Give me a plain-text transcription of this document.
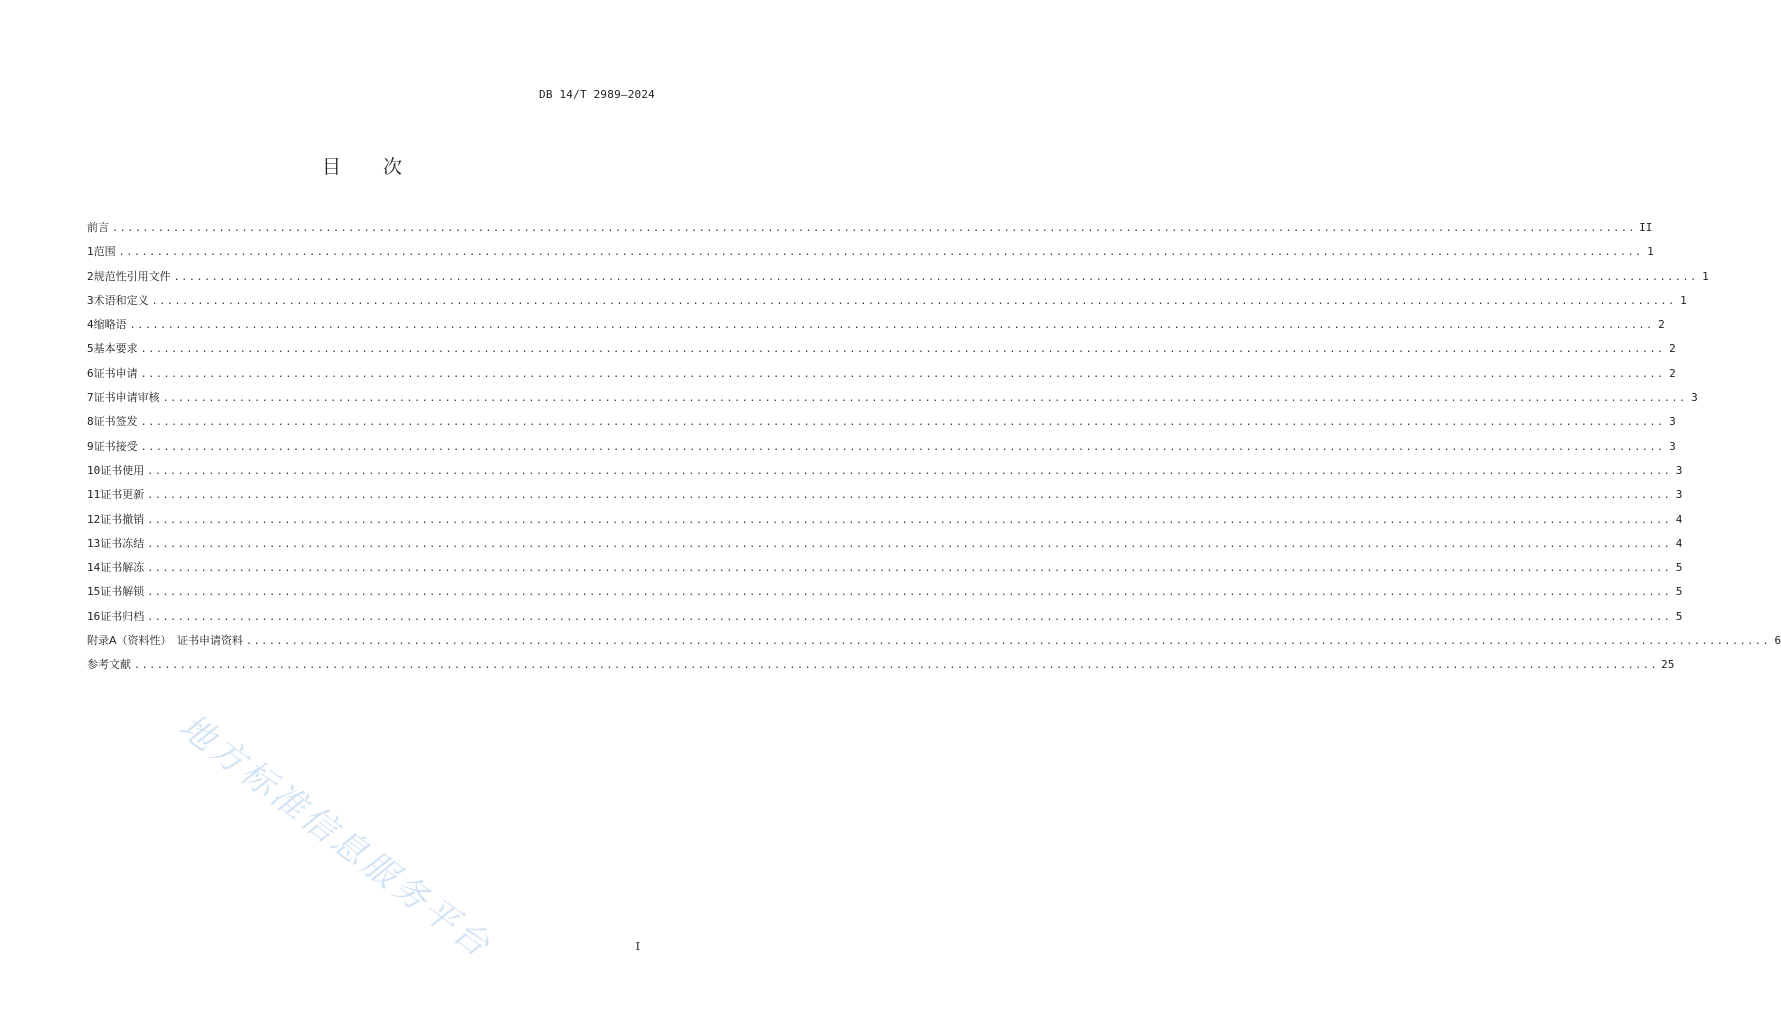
DB 14/T 2989—2024
目 次
前言 ........................................................................................................................................................................................................ II
1 范围 ........................................................................................................................................................................................................ 1
2 规范性引用文件 ........................................................................................................................................................................................................ 1
3 术语和定义 ........................................................................................................................................................................................................ 1
4 缩略语 ........................................................................................................................................................................................................ 2
5 基本要求 ........................................................................................................................................................................................................ 2
6 证书申请 ........................................................................................................................................................................................................ 2
7 证书申请审核 ........................................................................................................................................................................................................ 3
8 证书签发 ........................................................................................................................................................................................................ 3
9 证书接受 ........................................................................................................................................................................................................ 3
10 证书使用 ........................................................................................................................................................................................................ 3
11 证书更新 ........................................................................................................................................................................................................ 3
12 证书撤销 ........................................................................................................................................................................................................ 4
13 证书冻结 ........................................................................................................................................................................................................ 4
14 证书解冻 ........................................................................................................................................................................................................ 5
15 证书解锁 ........................................................................................................................................................................................................ 5
16 证书归档 ........................................................................................................................................................................................................ 5
附录A（资料性）　证书申请资料 ........................................................................................................................................................................................................ 6
参考文献 ........................................................................................................................................................................................................ 25
地方标准信息服务平台	I
